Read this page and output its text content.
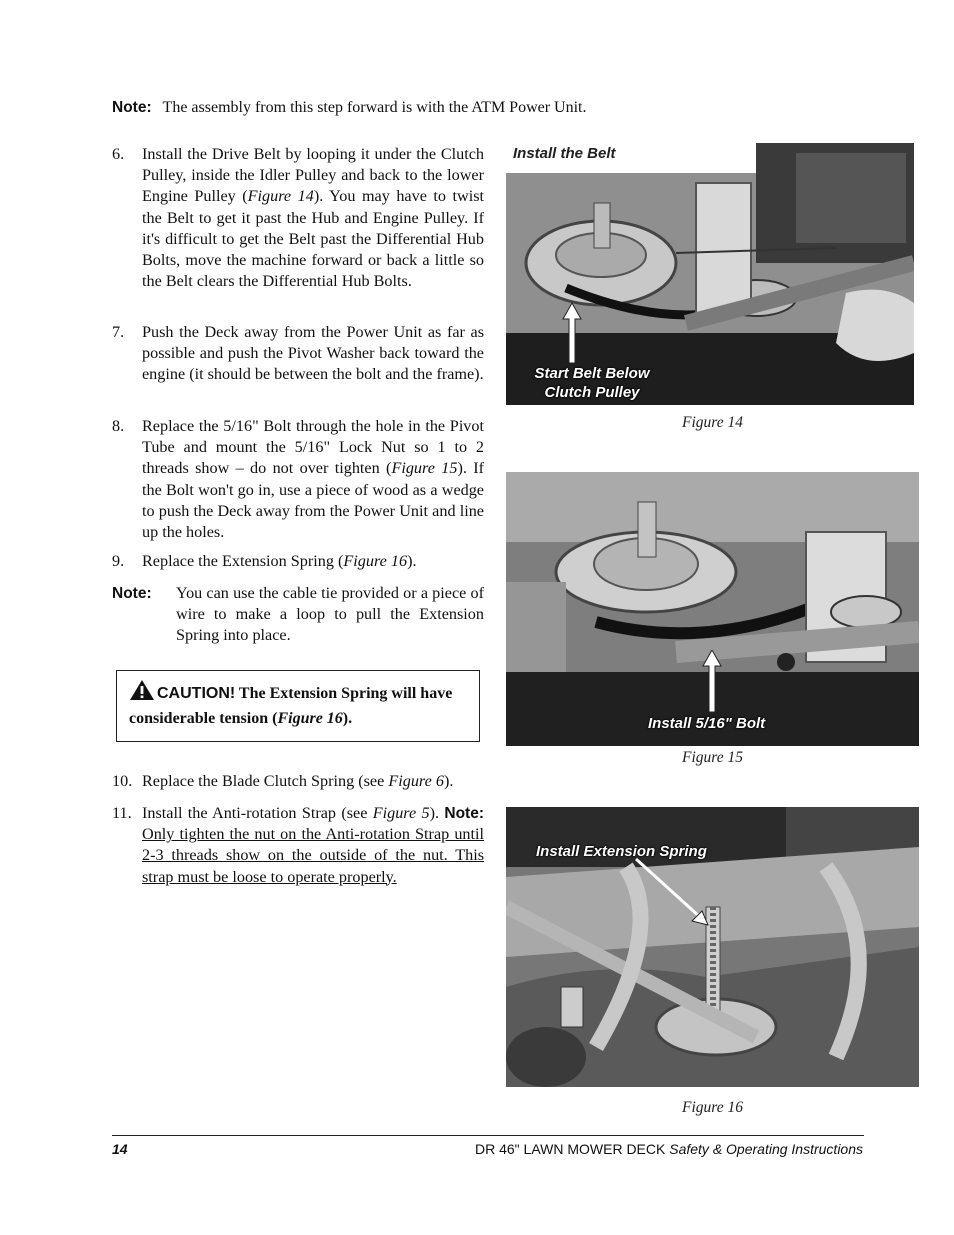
Note: The assembly from this step forward is with the ATM Power Unit.
6.	Install the Drive Belt by looping it under the Clutch Pulley, inside the Idler Pulley and back to the lower Engine Pulley (Figure 14). You may have to twist the Belt to get it past the Hub and Engine Pulley. If it's difficult to get the Belt past the Differential Hub Bolts, move the machine forward or back a little so the Belt clears the Differential Hub Bolts.
7.	Push the Deck away from the Power Unit as far as possible and push the Pivot Washer back toward the engine (it should be between the bolt and the frame).
8.	Replace the 5/16" Bolt through the hole in the Pivot Tube and mount the 5/16" Lock Nut so 1 to 2 threads show – do not over tighten (Figure 15). If the Bolt won't go in, use a piece of wood as a wedge to push the Deck away from the Power Unit and line up the holes.
9.	Replace the Extension Spring (Figure 16).
Note: You can use the cable tie provided or a piece of wire to make a loop to pull the Extension Spring into place.
CAUTION! The Extension Spring will have considerable tension (Figure 16).
10. Replace the Blade Clutch Spring (see Figure 6).
11. Install the Anti-rotation Strap (see Figure 5). Note: Only tighten the nut on the Anti-rotation Strap until 2-3 threads show on the outside of the nut. This strap must be loose to operate properly.
Install the Belt
Start Belt Below
Clutch Pulley
Figure 14
Install 5/16" Bolt
Figure 15
Install Extension Spring
Figure 16
14	DR 46" LAWN MOWER DECK Safety & Operating Instructions
